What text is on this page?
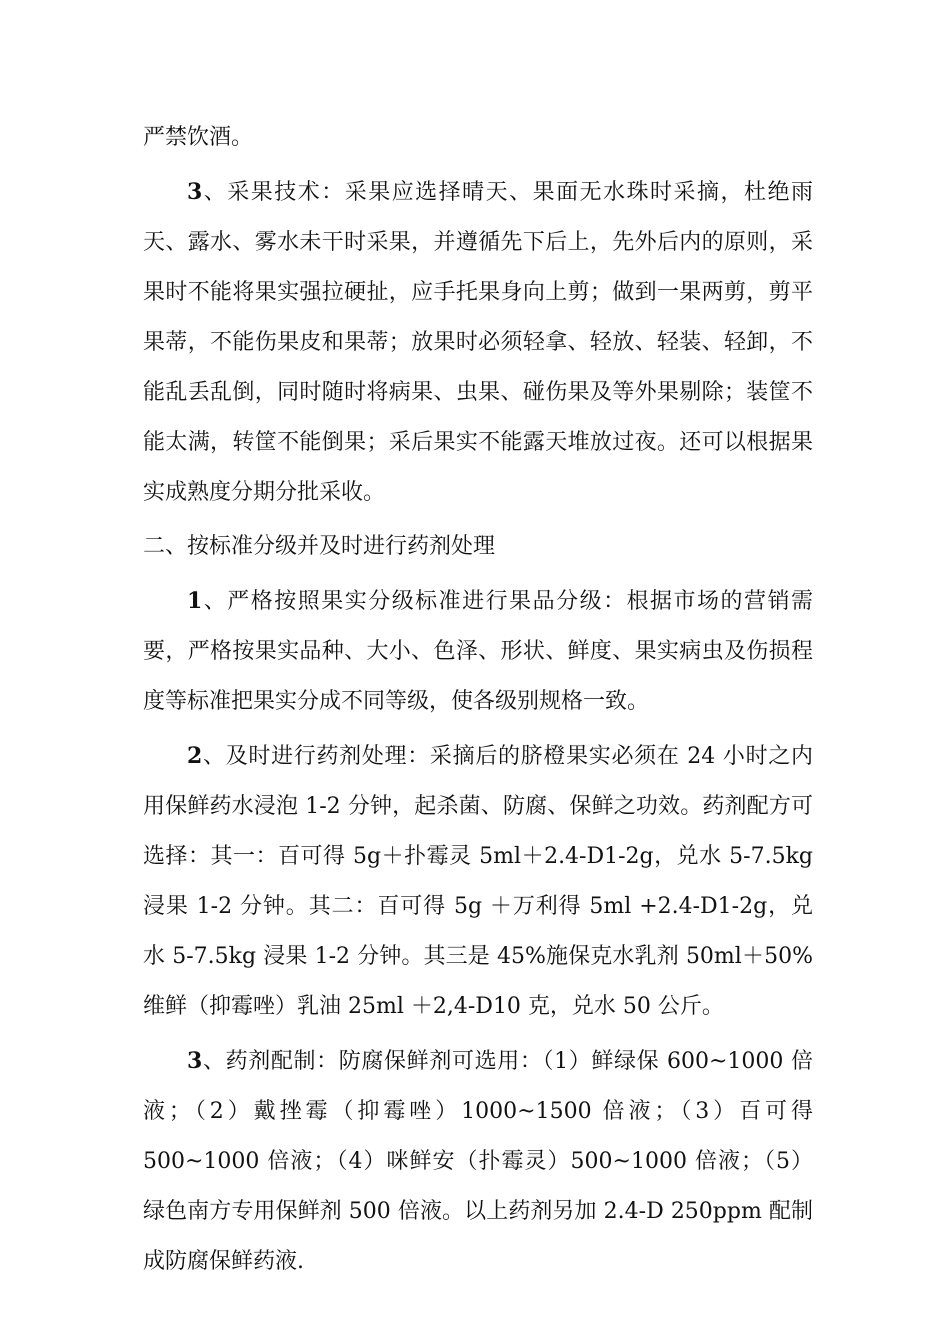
严禁饮酒。

3、采果技术：采果应选择晴天、果面无水珠时采摘，杜绝雨天、露水、雾水未干时采果，并遵循先下后上，先外后内的原则，采果时不能将果实强拉硬扯，应手托果身向上剪；做到一果两剪，剪平果蒂，不能伤果皮和果蒂；放果时必须轻拿、轻放、轻装、轻卸，不能乱丢乱倒，同时随时将病果、虫果、碰伤果及等外果剔除；装筐不能太满，转筐不能倒果；采后果实不能露天堆放过夜。还可以根据果实成熟度分期分批采收。

二、按标准分级并及时进行药剂处理

1、严格按照果实分级标准进行果品分级：根据市场的营销需要，严格按果实品种、大小、色泽、形状、鲜度、果实病虫及伤损程度等标准把果实分成不同等级，使各级别规格一致。

2、及时进行药剂处理：采摘后的脐橙果实必须在 24 小时之内用保鲜药水浸泡 1-2 分钟，起杀菌、防腐、保鲜之功效。药剂配方可选择：其一：百可得 5g＋扑霉灵 5ml＋2.4-D1-2g，兑水 5-7.5kg 浸果 1-2 分钟。其二：百可得 5g ＋万利得 5ml +2.4-D1-2g，兑水 5-7.5kg 浸果 1-2 分钟。其三是 45%施保克水乳剂 50ml＋50%维鲜（抑霉唑）乳油 25ml ＋2,4-D10 克，兑水 50 公斤。

3、药剂配制：防腐保鲜剂可选用：（1）鲜绿保 600~1000 倍液；（2）戴挫霉（抑霉唑）1000~1500 倍液；（3）百可得 500~1000 倍液；（4）咪鲜安（扑霉灵）500~1000 倍液；（5）绿色南方专用保鲜剂 500 倍液。以上药剂另加 2.4-D 250ppm 配制成防腐保鲜药液.
